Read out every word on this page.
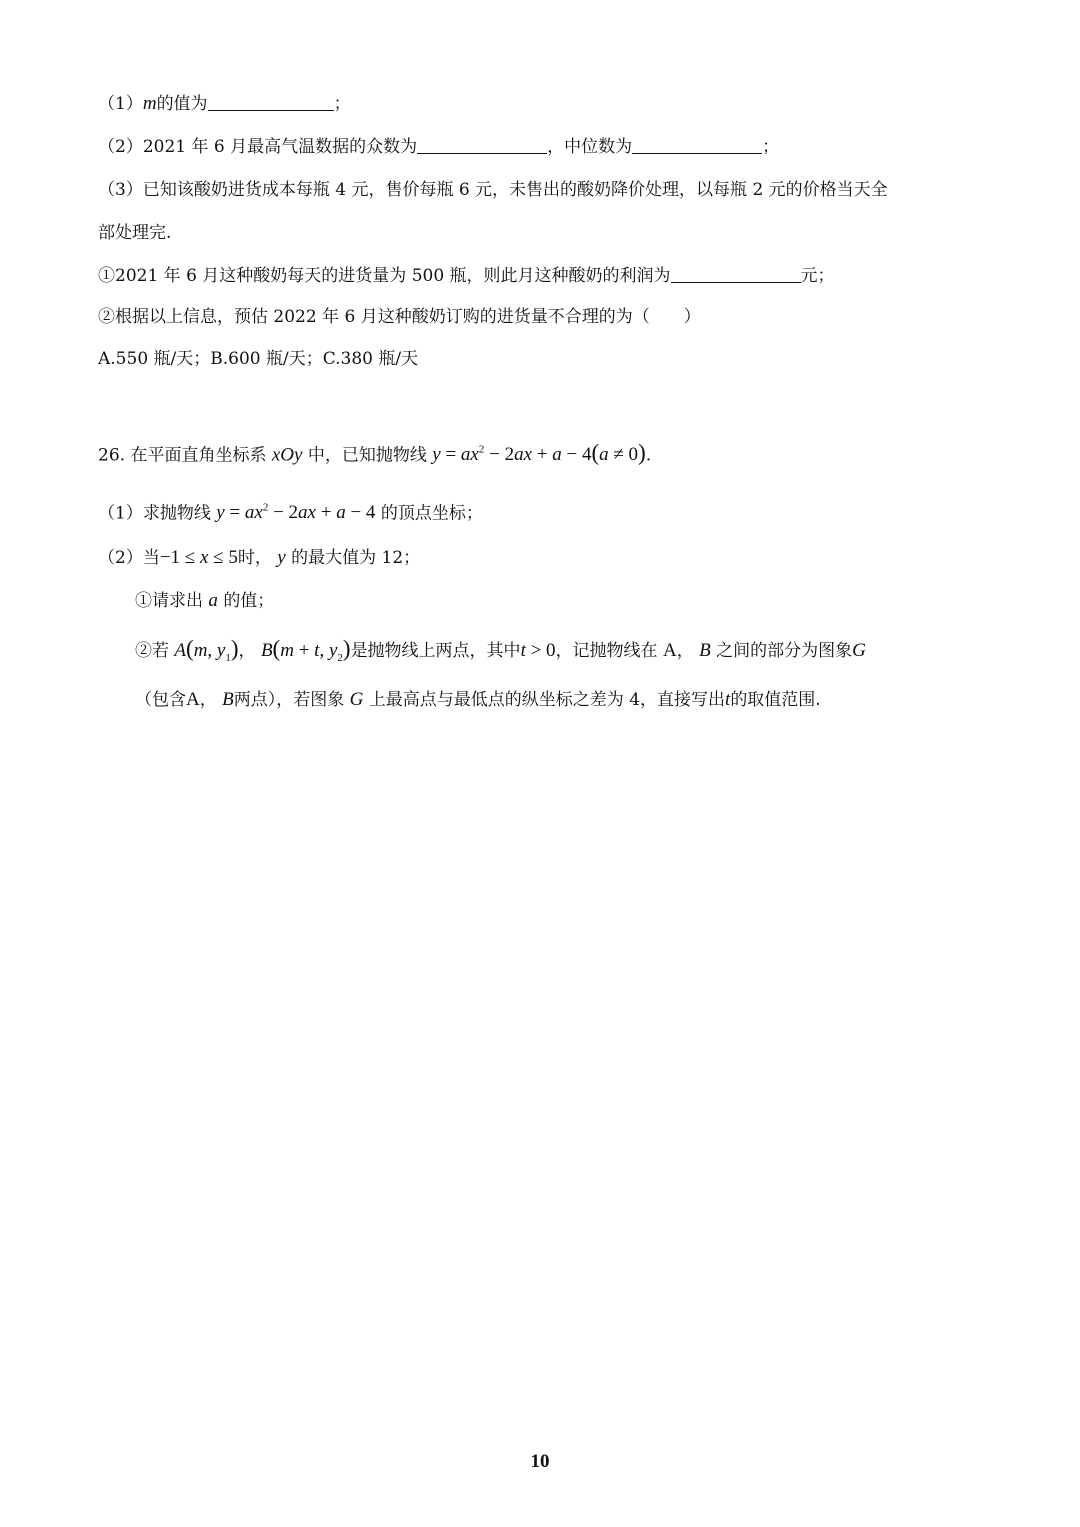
（1）m的值为	；
（2）2021 年 6 月最高气温数据的众数为	，中位数为	；
（3）已知该酸奶进货成本每瓶 4 元，售价每瓶 6 元，未售出的酸奶降价处理，以每瓶 2 元的价格当天全
部处理完.
①2021 年 6 月这种酸奶每天的进货量为 500 瓶，则此月这种酸奶的利润为	元；
②根据以上信息，预估 2022 年 6 月这种酸奶订购的进货量不合理的为（　　）
A.550 瓶/天；B.600 瓶/天；C.380 瓶/天
26. 在平面直角坐标系 xOy 中，已知抛物线 $y = ax^2 - 2ax + a - 4(a \ne 0)$.
（1）求抛物线 $y = ax^2 - 2ax + a - 4$ 的顶点坐标；
（2）当−1 ≤ x ≤ 5时， y 的最大值为 12；
①请求出 a 的值；
②若 A(m, $y_1$)， B(m + t, $y_2$)是抛物线上两点，其中t > 0，记抛物线在 A， B 之间的部分为图象G
（包含A， B两点），若图象 G 上最高点与最低点的纵坐标之差为 4，直接写出t的取值范围.
10
